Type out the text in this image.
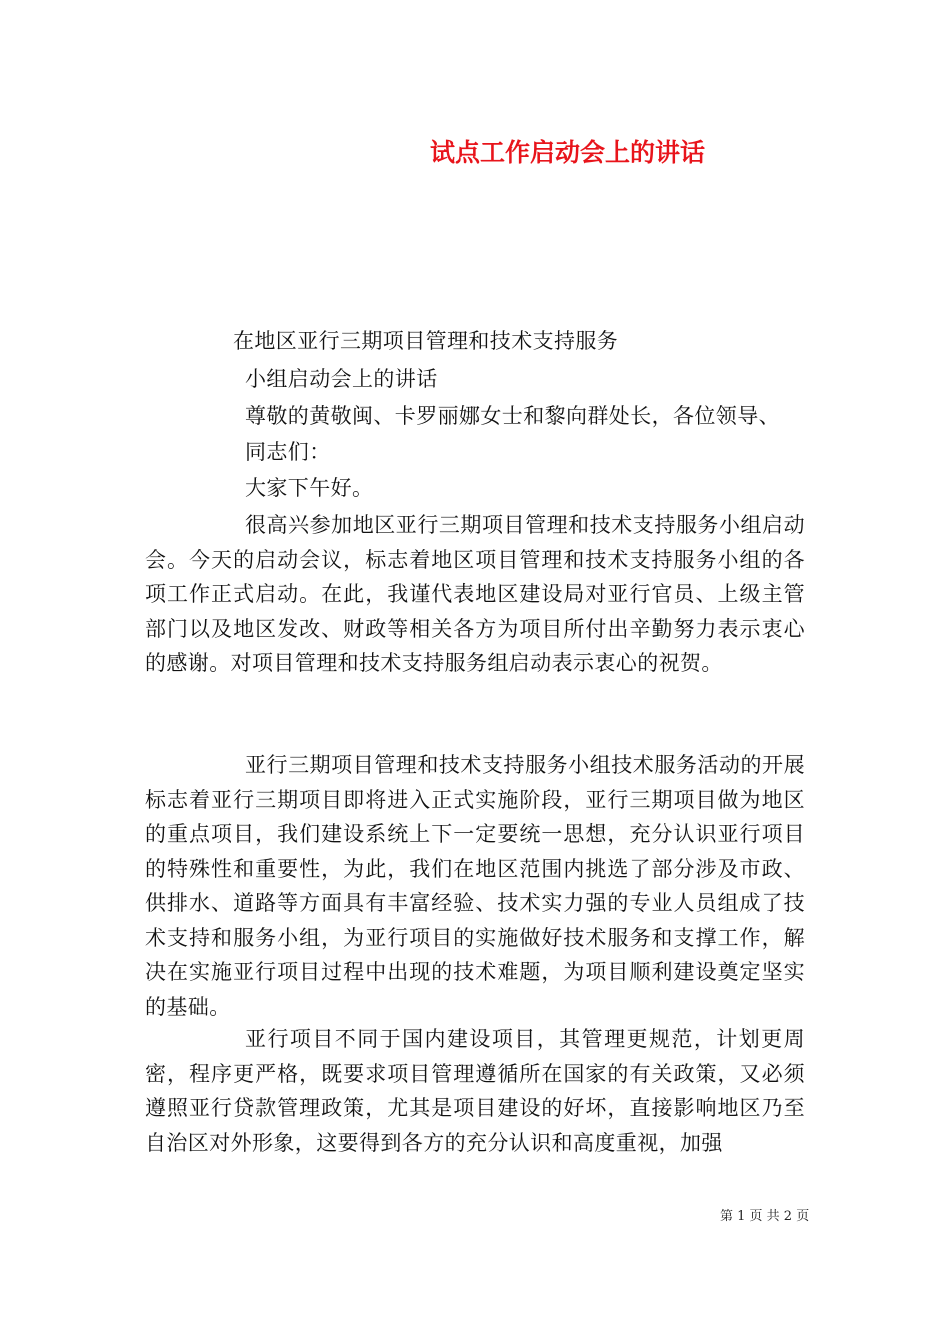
试点工作启动会上的讲话
在地区亚行三期项目管理和技术支持服务
小组启动会上的讲话
尊敬的黄敬闽、卡罗丽娜女士和黎向群处长，各位领导、
同志们：
大家下午好。

很高兴参加地区亚行三期项目管理和技术支持服务小组启动会。今天的启动会议，标志着地区项目管理和技术支持服务小组的各项工作正式启动。在此，我谨代表地区建设局对亚行官员、上级主管部门以及地区发改、财政等相关各方为项目所付出辛勤努力表示衷心的感谢。对项目管理和技术支持服务组启动表示衷心的祝贺。

亚行三期项目管理和技术支持服务小组技术服务活动的开展标志着亚行三期项目即将进入正式实施阶段，亚行三期项目做为地区的重点项目，我们建设系统上下一定要统一思想，充分认识亚行项目的特殊性和重要性，为此，我们在地区范围内挑选了部分涉及市政、供排水、道路等方面具有丰富经验、技术实力强的专业人员组成了技术支持和服务小组，为亚行项目的实施做好技术服务和支撑工作，解决在实施亚行项目过程中出现的技术难题，为项目顺利建设奠定坚实的基础。

亚行项目不同于国内建设项目，其管理更规范，计划更周密，程序更严格，既要求项目管理遵循所在国家的有关政策，又必须遵照亚行贷款管理政策，尤其是项目建设的好坏，直接影响地区乃至自治区对外形象，这要得到各方的充分认识和高度重视，加强

第 1 页 共 2 页
